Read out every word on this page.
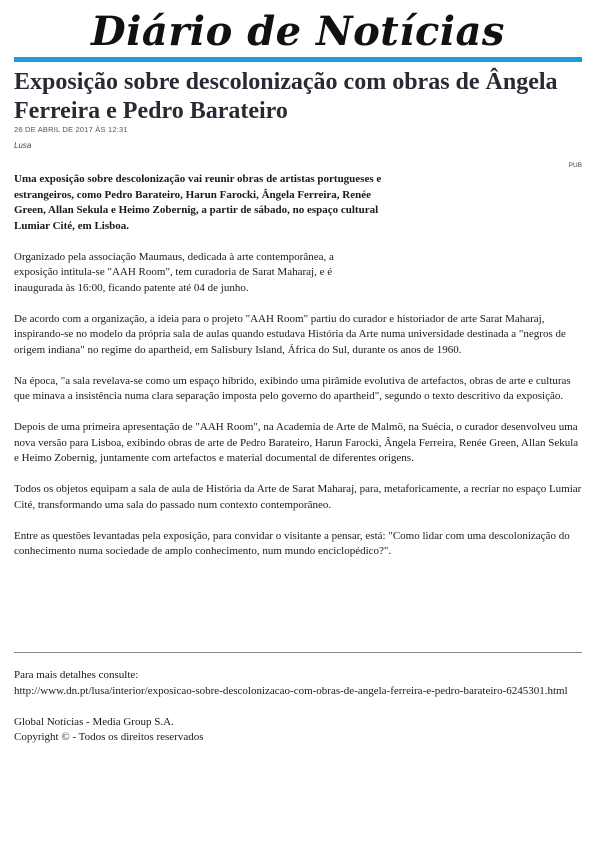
Diário de Notícias
Exposição sobre descolonização com obras de Ângela Ferreira e Pedro Barateiro
26 DE ABRIL DE 2017 ÀS 12:31
Lusa
PUB

Uma exposição sobre descolonização vai reunir obras de artistas portugueses e estrangeiros, como Pedro Barateiro, Harun Farocki, Ângela Ferreira, Renée Green, Allan Sekula e Heimo Zobernig, a partir de sábado, no espaço cultural Lumiar Cité, em Lisboa.

Organizado pela associação Maumaus, dedicada à arte contemporânea, a exposição intitula-se "AAH Room", tem curadoria de Sarat Maharaj, e é inaugurada às 16:00, ficando patente até 04 de junho.

De acordo com a organização, a ideia para o projeto "AAH Room" partiu do curador e historiador de arte Sarat Maharaj, inspirando-se no modelo da própria sala de aulas quando estudava História da Arte numa universidade destinada a "negros de origem indiana" no regime do apartheid, em Salisbury Island, África do Sul, durante os anos de 1960.

Na época, "a sala revelava-se como um espaço híbrido, exibindo uma pirâmide evolutiva de artefactos, obras de arte e culturas que minava a insistência numa clara separação imposta pelo governo do apartheid", segundo o texto descritivo da exposição.

Depois de uma primeira apresentação de "AAH Room", na Academia de Arte de Malmö, na Suécia, o curador desenvolveu uma nova versão para Lisboa, exibindo obras de arte de Pedro Barateiro, Harun Farocki, Ângela Ferreira, Renée Green, Allan Sekula e Heimo Zobernig, juntamente com artefactos e material documental de diferentes origens.

Todos os objetos equipam a sala de aula de História da Arte de Sarat Maharaj, para, metaforicamente, a recriar no espaço Lumiar Cité, transformando uma sala do passado num contexto contemporâneo.

Entre as questões levantadas pela exposição, para convidar o visitante a pensar, está: "Como lidar com uma descolonização do conhecimento numa sociedade de amplo conhecimento, num mundo enciclopédico?".

Para mais detalhes consulte:
http://www.dn.pt/lusa/interior/exposicao-sobre-descolonizacao-com-obras-de-angela-ferreira-e-pedro-barateiro-6245301.html

Global Notícias - Media Group S.A.
Copyright © - Todos os direitos reservados
